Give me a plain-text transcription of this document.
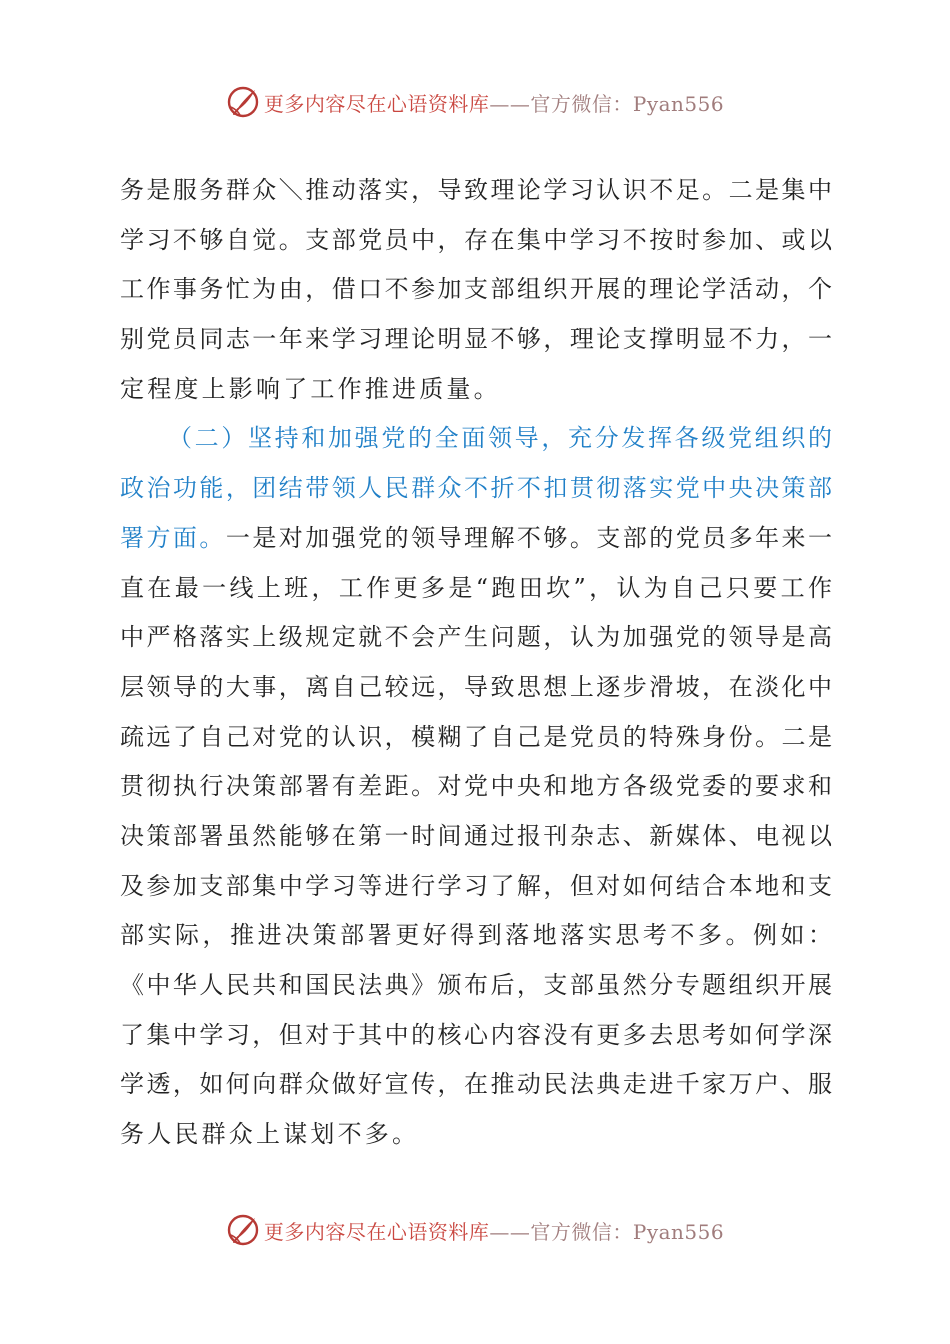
更多内容尽在心语资料库——官方微信：Pyan556
务是服务群众＼推动落实，导致理论学习认识不足。二是集中
学习不够自觉。支部党员中，存在集中学习不按时参加、或以
工作事务忙为由，借口不参加支部组织开展的理论学活动，个
别党员同志一年来学习理论明显不够，理论支撑明显不力，一
定程度上影响了工作推进质量。
（二）坚持和加强党的全面领导，充分发挥各级党组织的
政治功能，团结带领人民群众不折不扣贯彻落实党中央决策部
署方面。一是对加强党的领导理解不够。支部的党员多年来一
直在最一线上班，工作更多是“跑田坎”，认为自己只要工作
中严格落实上级规定就不会产生问题，认为加强党的领导是高
层领导的大事，离自己较远，导致思想上逐步滑坡，在淡化中
疏远了自己对党的认识，模糊了自己是党员的特殊身份。二是
贯彻执行决策部署有差距。对党中央和地方各级党委的要求和
决策部署虽然能够在第一时间通过报刊杂志、新媒体、电视以
及参加支部集中学习等进行学习了解，但对如何结合本地和支
部实际，推进决策部署更好得到落地落实思考不多。例如：
《中华人民共和国民法典》颁布后，支部虽然分专题组织开展
了集中学习，但对于其中的核心内容没有更多去思考如何学深
学透，如何向群众做好宣传，在推动民法典走进千家万户、服
务人民群众上谋划不多。
更多内容尽在心语资料库——官方微信：Pyan556
